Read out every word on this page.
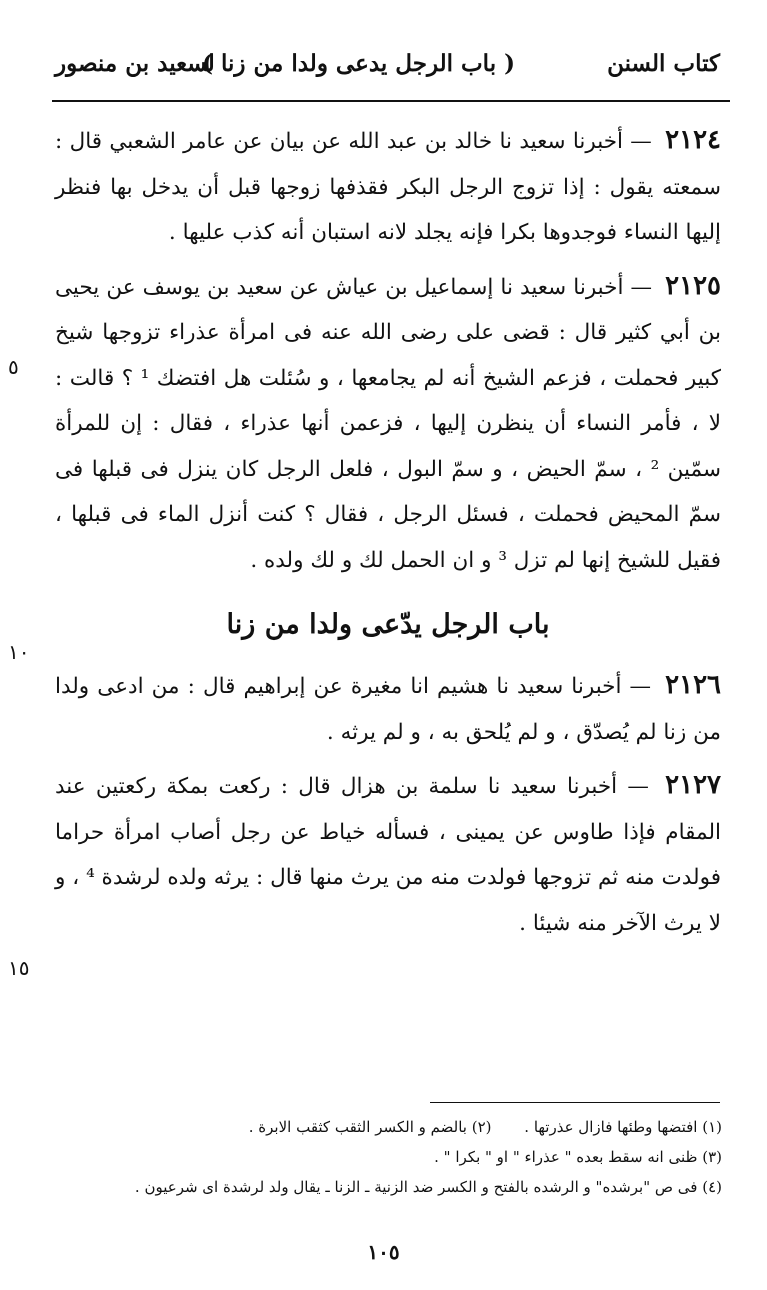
كتاب السنن
( باب الرجل يدعى ولدا من زنا )
لسعيد بن منصور

٢١٢٤ — أخبرنا سعيد نا خالد بن عبد الله عن بيان عن عامر الشعبي قال : سمعته يقول : إذا تزوج الرجل البكر فقذفها زوجها قبل أن يدخل بها فنظر إليها النساء فوجدوها بكرا فإنه يجلد لانه استبان أنه كذب عليها .

٢١٢٥ — أخبرنا سعيد نا إسماعيل بن عياش عن سعيد بن يوسف عن يحيى بن أبي كثير قال : قضى على رضى الله عنه فى امرأة عذراء تزوجها شيخ كبير فحملت ، فزعم الشيخ أنه لم يجامعها ، و سُئلت هل افتضك ¹ ؟ قالت : لا ، فأمر النساء أن ينظرن إليها ، فزعمن أنها عذراء ، فقال : إن للمرأة سمّين ² ، سمّ الحيض ، و سمّ البول ، فلعل الرجل كان ينزل فى قبلها فى سمّ المحيض فحملت ، فسئل الرجل ، فقال ؟ كنت أنزل الماء فى قبلها ، فقيل للشيخ إنها لم تزل ³ و ان الحمل لك و لك ولده .

باب الرجل يدّعى ولدا من زنا

٢١٢٦ — أخبرنا سعيد نا هشيم انا مغيرة عن إبراهيم قال : من ادعى ولدا من زنا لم يُصدّق ، و لم يُلحق به ، و لم يرثه .

٢١٢٧ — أخبرنا سعيد نا سلمة بن هزال قال : ركعت بمكة ركعتين عند المقام فإذا طاوس عن يمينى ، فسأله خياط عن رجل أصاب امرأة حراما فولدت منه ثم تزوجها فولدت منه من يرث منها قال : يرثه ولده لرشدة ⁴ ، و لا يرث الآخر منه شيئا .

٥
١٠
١٥

(١) افتضها وطئها فازال عذرتها . (٢) بالضم و الكسر الثقب كثقب الابرة .

(٣) ظنى انه سقط بعده " عذراء " او " بكرا " .

(٤) فى ص "برشده" و الرشده بالفتح و الكسر ضد الزنية ـ الزنا ـ يقال ولد لرشدة اى شرعيون .

١٠٥
